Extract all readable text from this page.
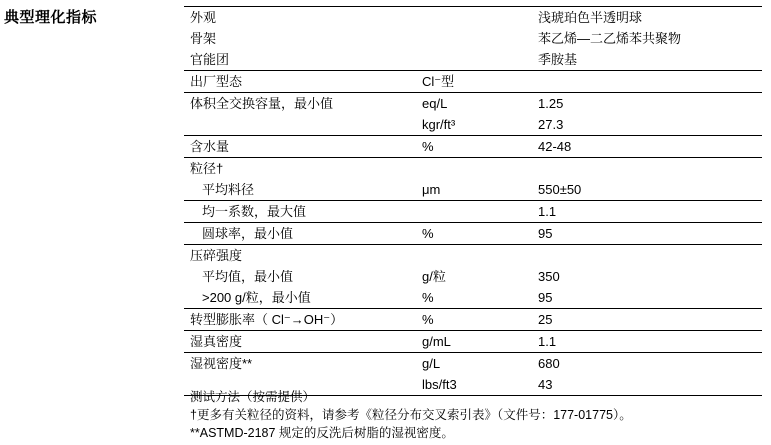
典型理化指标	外观		浅琥珀色半透明球
骨架		苯乙烯—二乙烯苯共聚物
官能团		季胺基
出厂型态	Cl⁻型	
体积全交换容量，最小值	eq/L	1.25
	kgr/ft³	27.3
含水量	%	42-48
粒径†		
平均料径	μm	550±50
均一系数，最大值		1.1
圆球率，最小值	%	95
压碎强度		
平均值，最小值	g/粒	350
>200 g/粒，最小值	%	95
转型膨胀率（ Cl⁻→OH⁻）	%	25
湿真密度	g/mL	1.1
湿视密度**	g/L	680
	lbs/ft3	43
测试方法（按需提供）
†更多有关粒径的资料，请参考《粒径分布交叉索引表》（文件号：177-01775）。
**ASTMD-2187 规定的反洗后树脂的湿视密度。
